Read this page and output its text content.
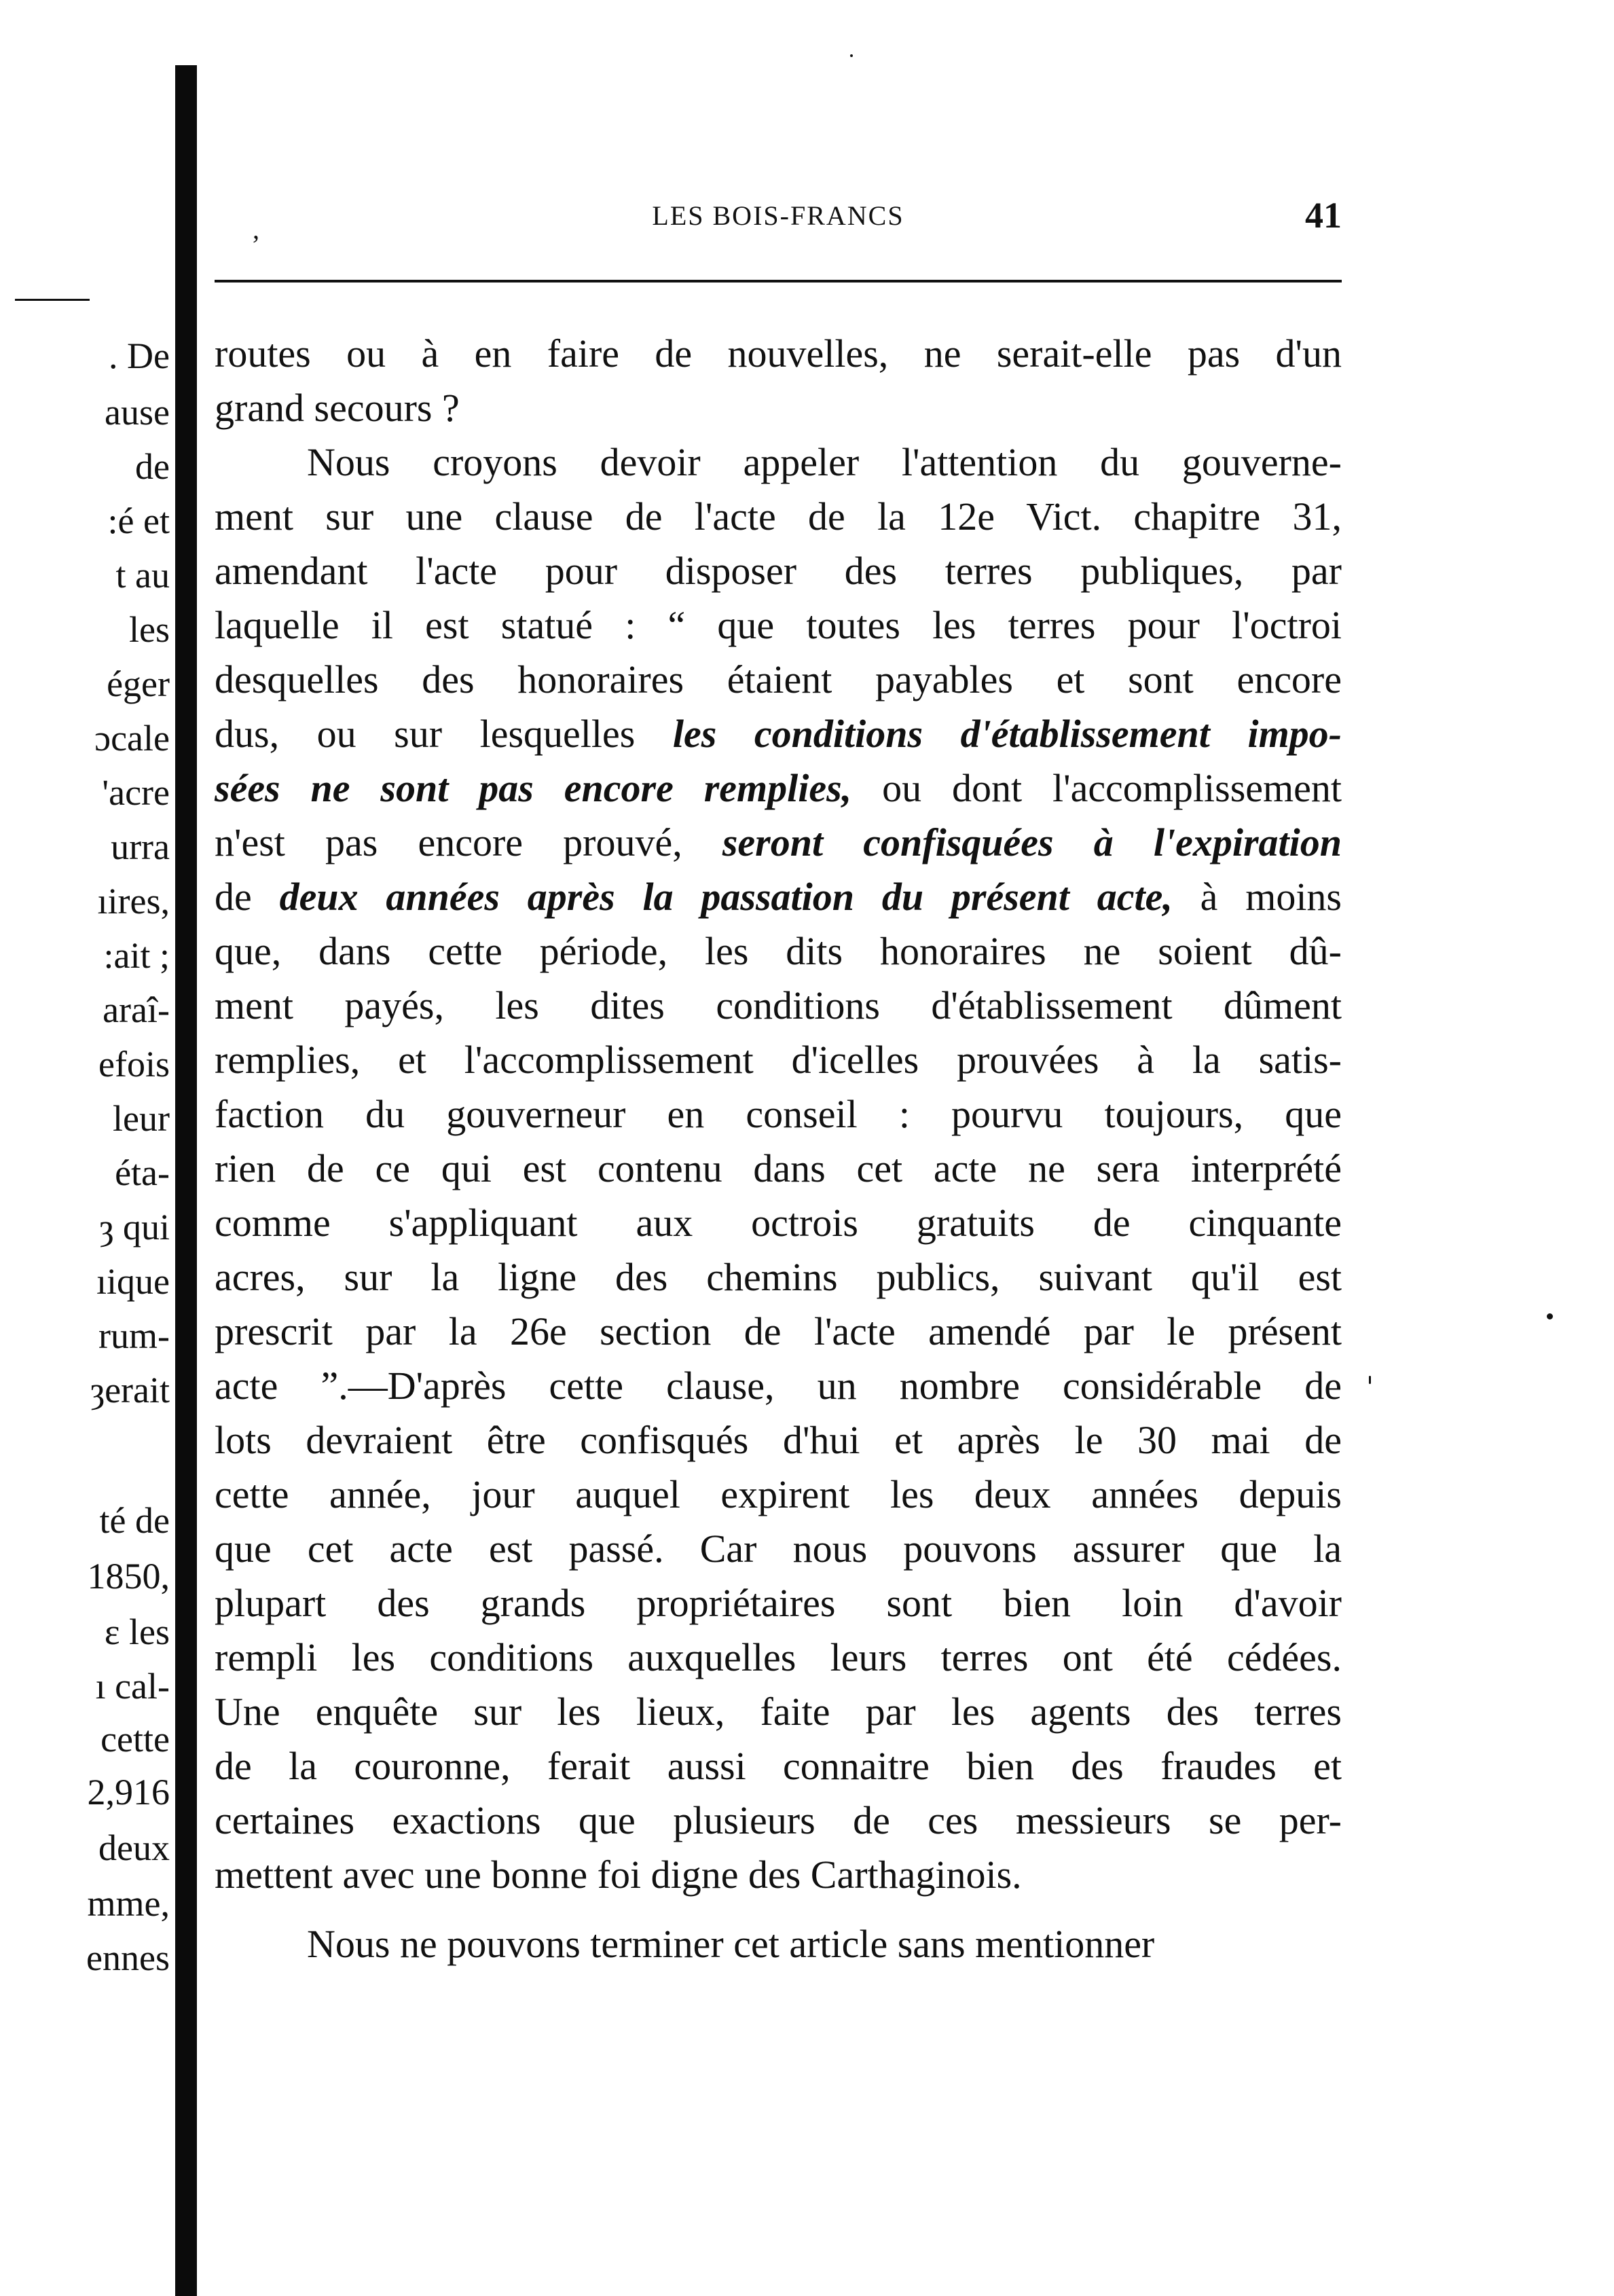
. De
ause
de
:é et
t au
les
éger
ɔcale
'acre
urra
ıires,
:ait ;
araî-
efois
leur
éta-
ȝ qui
ıique
rum-
ȝerait
té de
1850,
ɛ les
ı cal-
cette
2,916
deux
mme,
ennes
,	LES BOIS-FRANCS	41
routes ou à en faire de nouvelles, ne serait-elle pas d'un
grand secours ?
Nous croyons devoir appeler l'attention du gouverne-
ment sur une clause de l'acte de la 12e Vict. chapitre 31,
amendant l'acte pour disposer des terres publiques, par
laquelle il est statué : “ que toutes les terres pour l'octroi
desquelles des honoraires étaient payables et sont encore
dus, ou sur lesquelles les conditions d'établissement impo-
sées ne sont pas encore remplies, ou dont l'accomplissement
n'est pas encore prouvé, seront confisquées à l'expiration
de deux années après la passation du présent acte, à moins
que, dans cette période, les dits honoraires ne soient dû-
ment payés, les dites conditions d'établissement dûment
remplies, et l'accomplissement d'icelles prouvées à la satis-
faction du gouverneur en conseil : pourvu toujours, que
rien de ce qui est contenu dans cet acte ne sera interprété
comme s'appliquant aux octrois gratuits de cinquante
acres, sur la ligne des chemins publics, suivant qu'il est
prescrit par la 26e section de l'acte amendé par le présent
acte ”.—D'après cette clause, un nombre considérable de
lots devraient être confisqués d'hui et après le 30 mai de
cette année, jour auquel expirent les deux années depuis
que cet acte est passé. Car nous pouvons assurer que la
plupart des grands propriétaires sont bien loin d'avoir
rempli les conditions auxquelles leurs terres ont été cédées.
Une enquête sur les lieux, faite par les agents des terres
de la couronne, ferait aussi connaitre bien des fraudes et
certaines exactions que plusieurs de ces messieurs se per-
mettent avec une bonne foi digne des Carthaginois.
Nous ne pouvons terminer cet article sans mentionner
